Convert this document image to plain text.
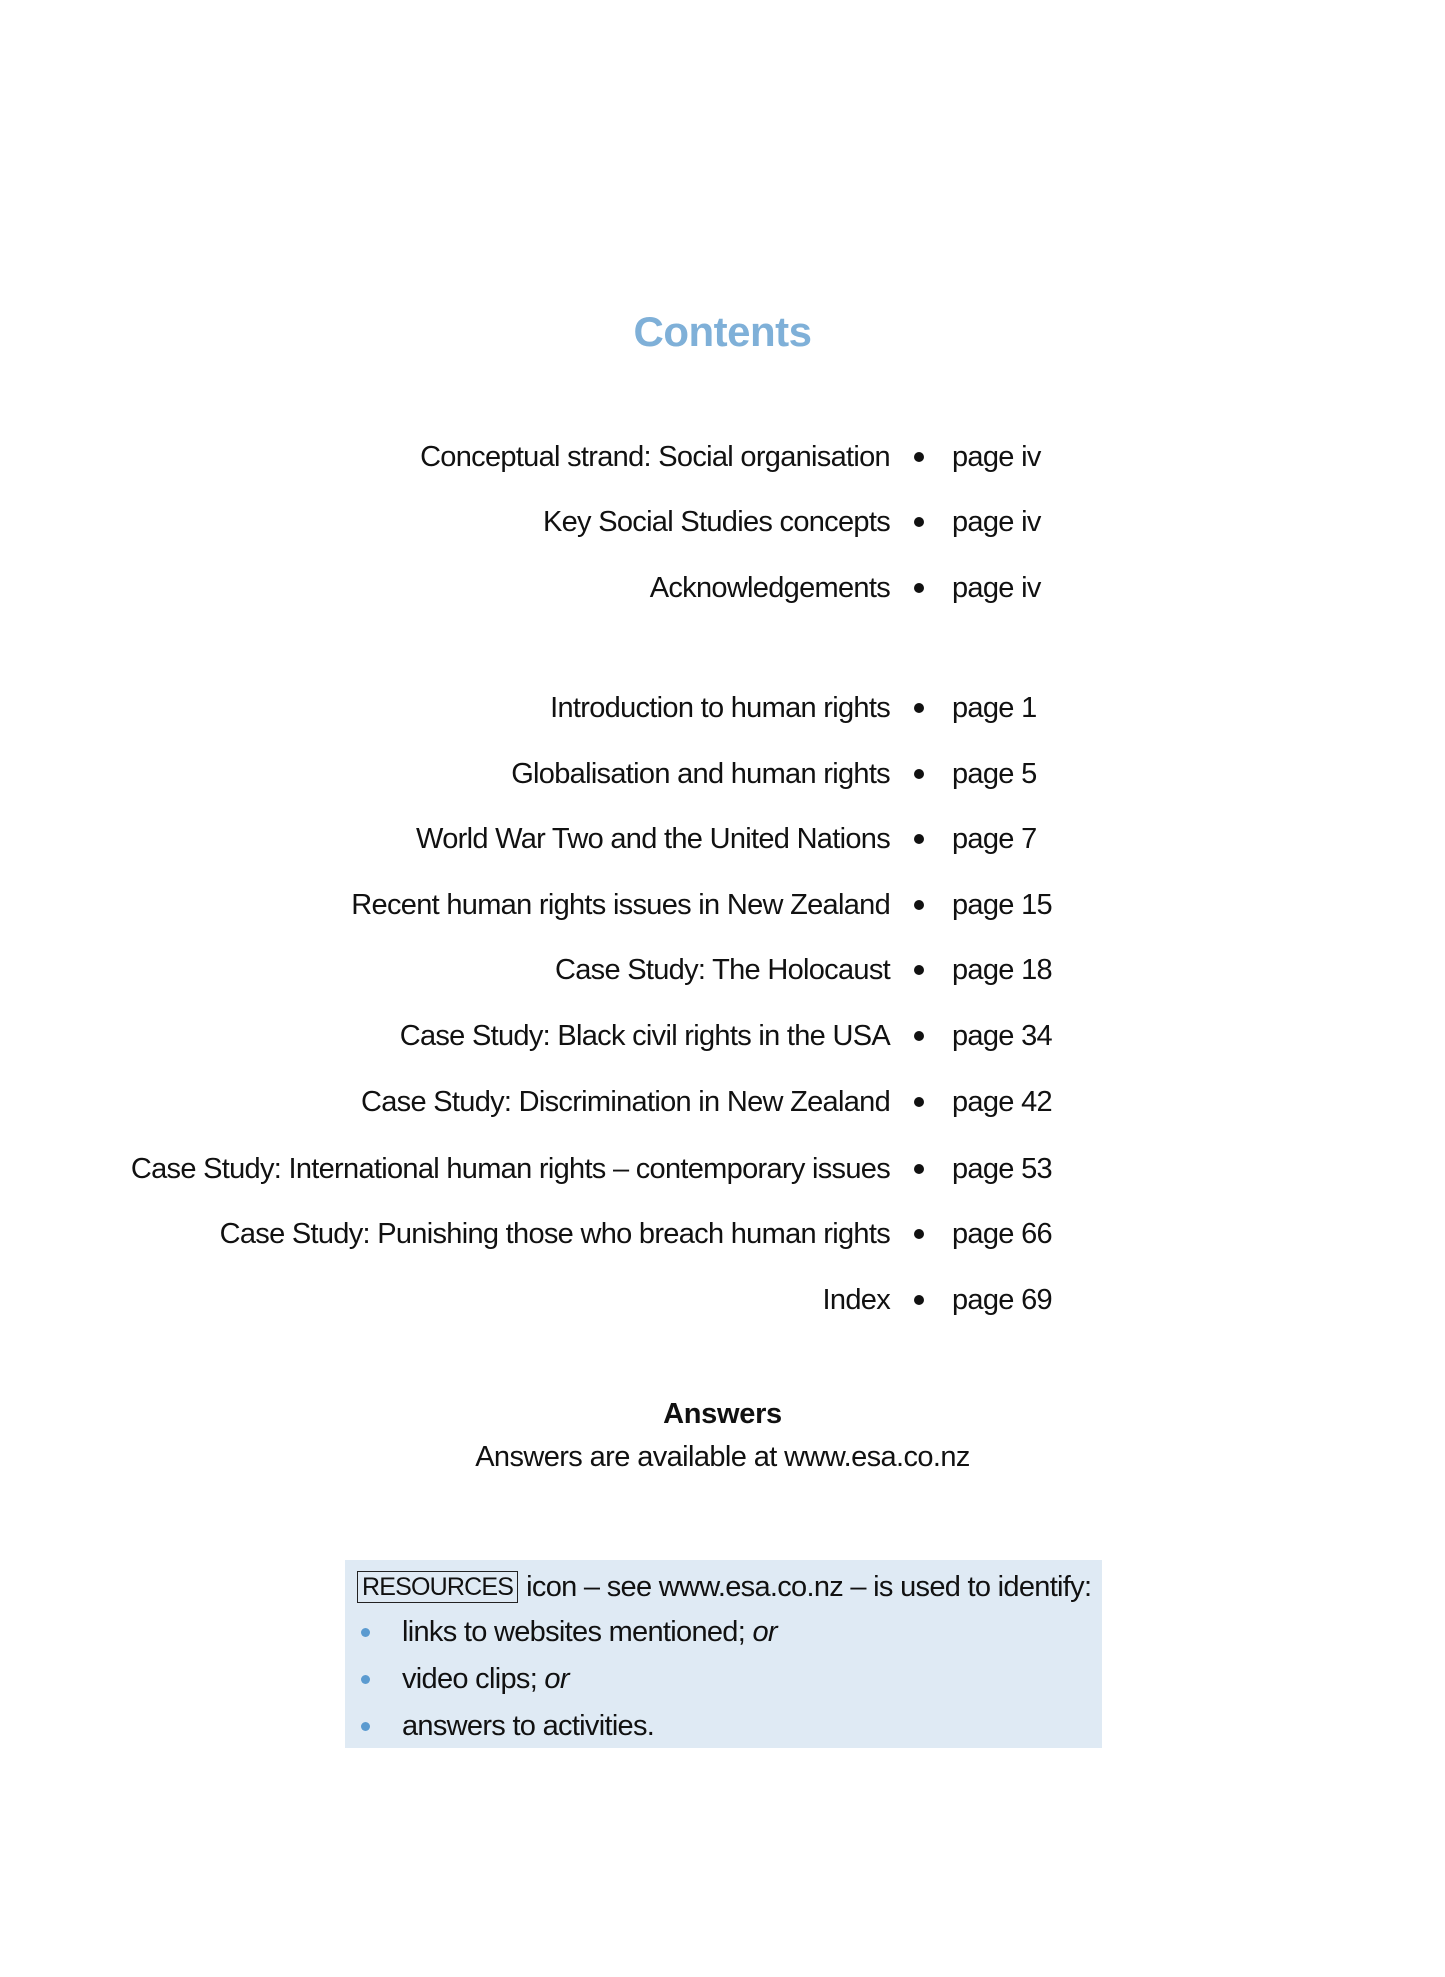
Contents
Conceptual strand: Social organisation page iv
Key Social Studies concepts page iv
Acknowledgements page iv
Introduction to human rights page 1
Globalisation and human rights page 5
World War Two and the United Nations page 7
Recent human rights issues in New Zealand page 15
Case Study: The Holocaust page 18
Case Study: Black civil rights in the USA page 34
Case Study: Discrimination in New Zealand page 42
Case Study: International human rights – contemporary issues page 53
Case Study: Punishing those who breach human rights page 66
Index page 69
Answers
Answers are available at www.esa.co.nz
RESOURCES icon – see www.esa.co.nz – is used to identify:
links to websites mentioned; or
video clips; or
answers to activities.
